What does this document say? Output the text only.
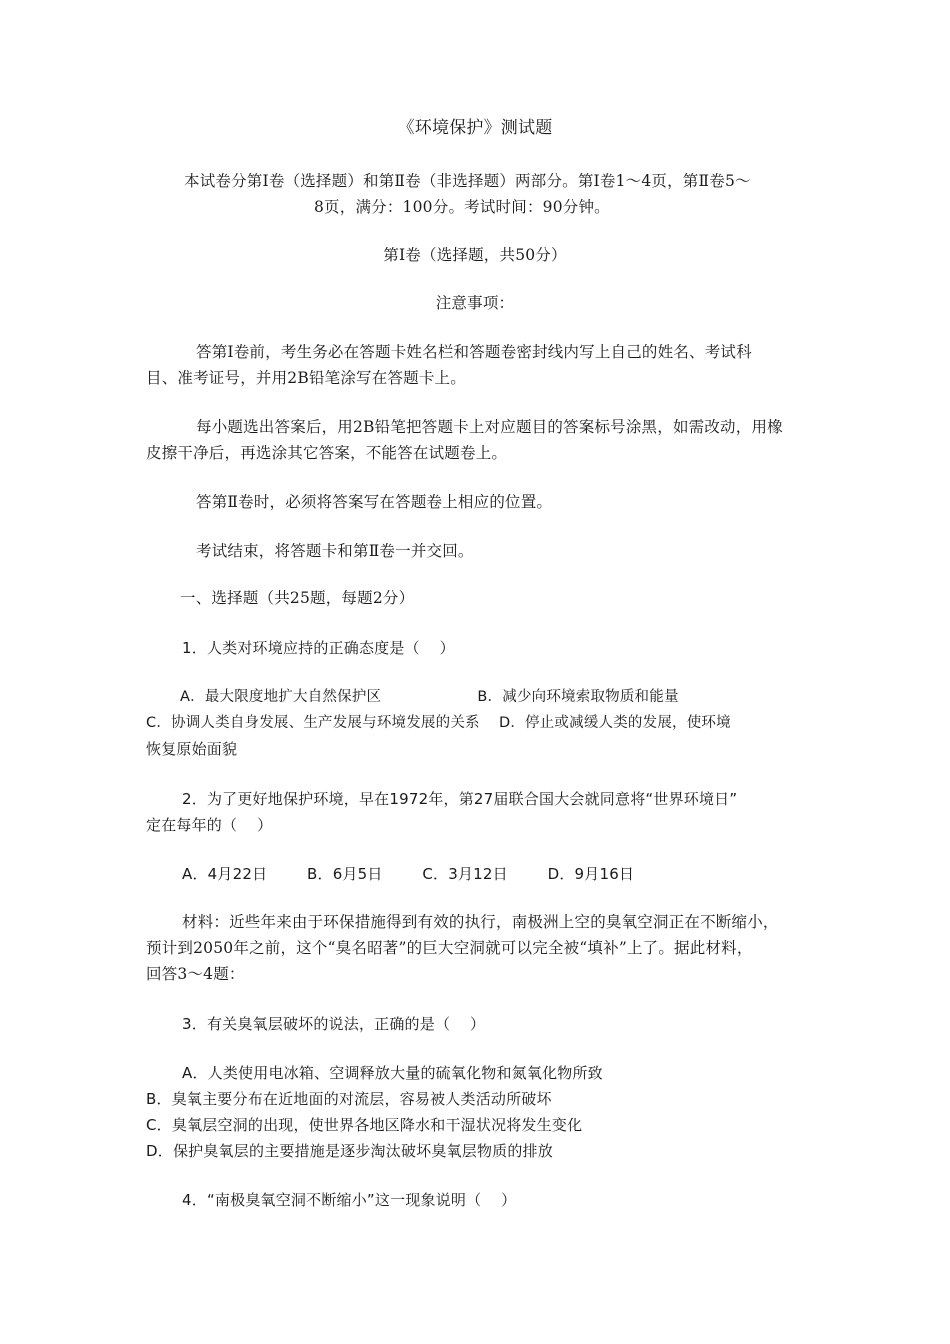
《环境保护》测试题
本试卷分第Ⅰ卷（选择题）和第Ⅱ卷（非选择题）两部分。第Ⅰ卷1～4页，第Ⅱ卷5～
8页，满分：100分。考试时间：90分钟。
第Ⅰ卷（选择题，共50分）
注意事项：
答第Ⅰ卷前，考生务必在答题卡姓名栏和答题卷密封线内写上自己的姓名、考试科
目、准考证号，并用2B铅笔涂写在答题卡上。
每小题选出答案后，用2B铅笔把答题卡上对应题目的答案标号涂黑，如需改动，用橡
皮擦干净后，再选涂其它答案，不能答在试题卷上。
答第Ⅱ卷时，必须将答案写在答题卷上相应的位置。
考试结束，将答题卡和第Ⅱ卷一并交回。
一、选择题（共25题，每题2分）
1．人类对环境应持的正确态度是（    ）
A．最大限度地扩大自然保护区                    B．减少向环境索取物质和能量
C．协调人类自身发展、生产发展与环境发展的关系    D．停止或减缓人类的发展，使环境
恢复原始面貌
2．为了更好地保护环境，早在1972年，第27届联合国大会就同意将“世界环境日”
定在每年的（    ）
A．4月22日        B．6月5日        C．3月12日        D．9月16日
材料：近些年来由于环保措施得到有效的执行，南极洲上空的臭氧空洞正在不断缩小，
预计到2050年之前，这个“臭名昭著”的巨大空洞就可以完全被“填补”上了。据此材料，
回答3～4题：
3．有关臭氧层破坏的说法，正确的是（    ）
A．人类使用电冰箱、空调释放大量的硫氧化物和氮氧化物所致
B．臭氧主要分布在近地面的对流层，容易被人类活动所破坏
C．臭氧层空洞的出现，使世界各地区降水和干湿状况将发生变化
D．保护臭氧层的主要措施是逐步淘汰破坏臭氧层物质的排放
4．“南极臭氧空洞不断缩小”这一现象说明（    ）
